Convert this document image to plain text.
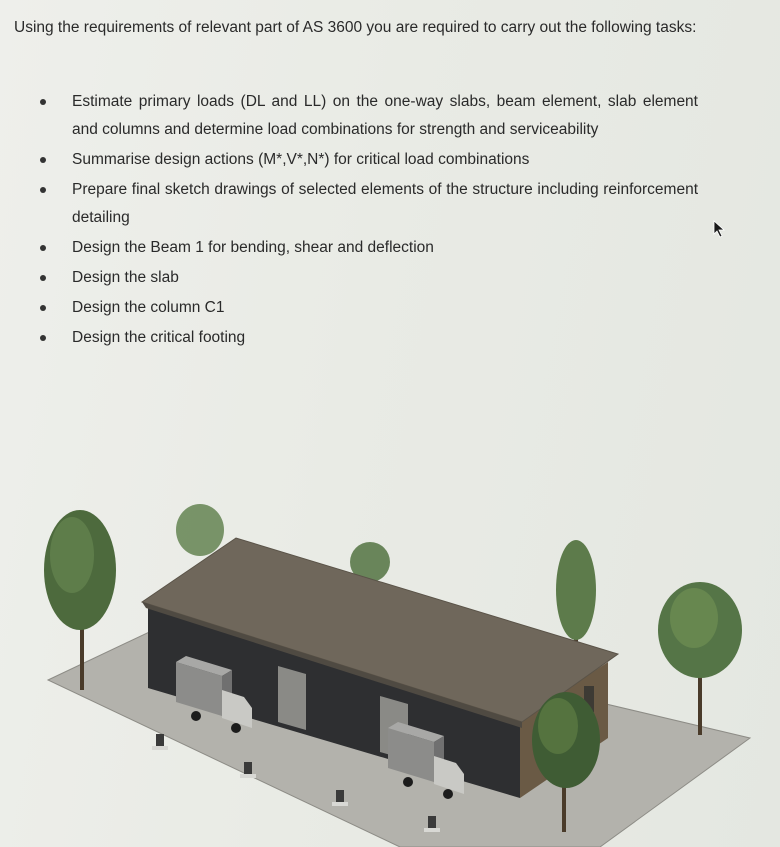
Using the requirements of relevant part of AS 3600 you are required to carry out the following tasks:

Estimate primary loads (DL and LL) on the one-way slabs, beam element, slab element and columns and determine load combinations for strength and serviceability
Summarise design actions (M*,V*,N*) for critical load combinations
Prepare final sketch drawings of selected elements of the structure including reinforcement detailing
Design the Beam 1 for bending, shear and deflection
Design the slab
Design the column C1
Design the critical footing
